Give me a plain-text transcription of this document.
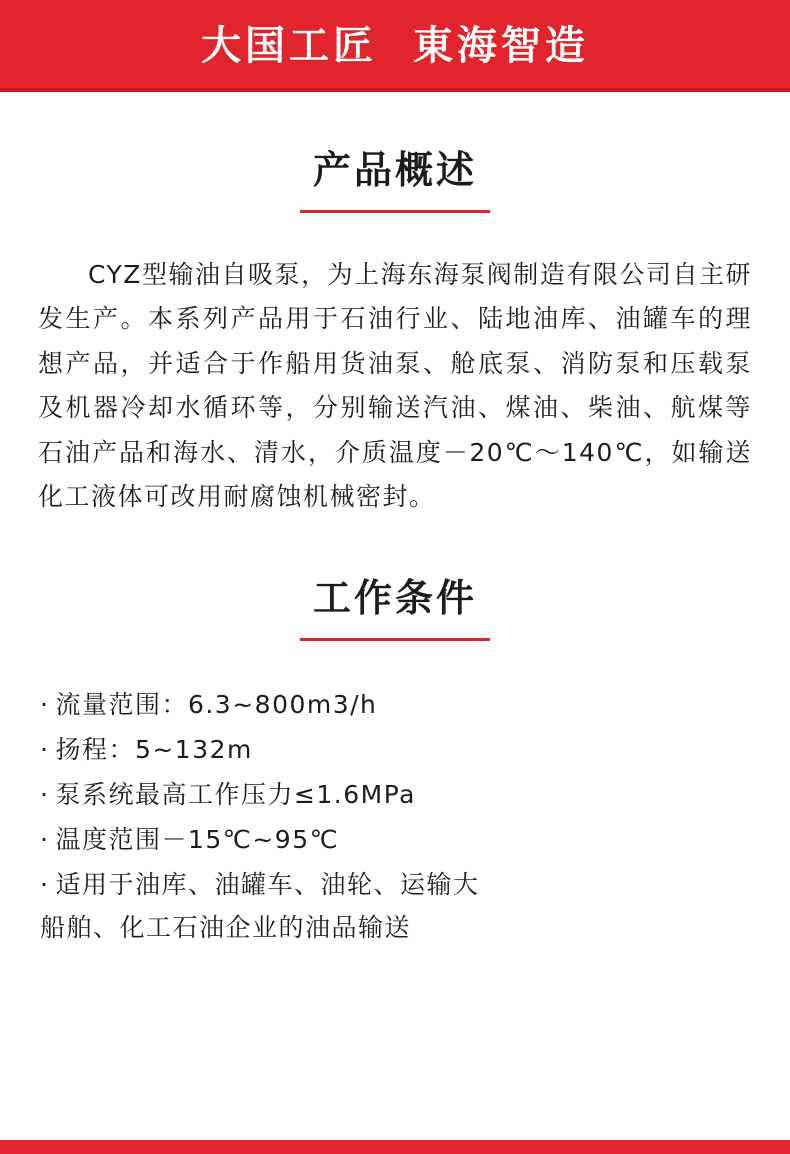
大国工匠  東海智造
产品概述

CYZ型输油自吸泵，为上海东海泵阀制造有限公司自主研发生产。本系列产品用于石油行业、陆地油库、油罐车的理想产品，并适合于作船用货油泵、舱底泵、消防泵和压载泵及机器冷却水循环等，分别输送汽油、煤油、柴油、航煤等石油产品和海水、清水，介质温度－20℃～140℃，如输送化工液体可改用耐腐蚀机械密封。

工作条件
· 流量范围：6.3~800m3/h
· 扬程：5~132m
· 泵系统最高工作压力≤1.6MPa
· 温度范围－15℃~95℃
· 适用于油库、油罐车、油轮、运输大
船舶、化工石油企业的油品输送
